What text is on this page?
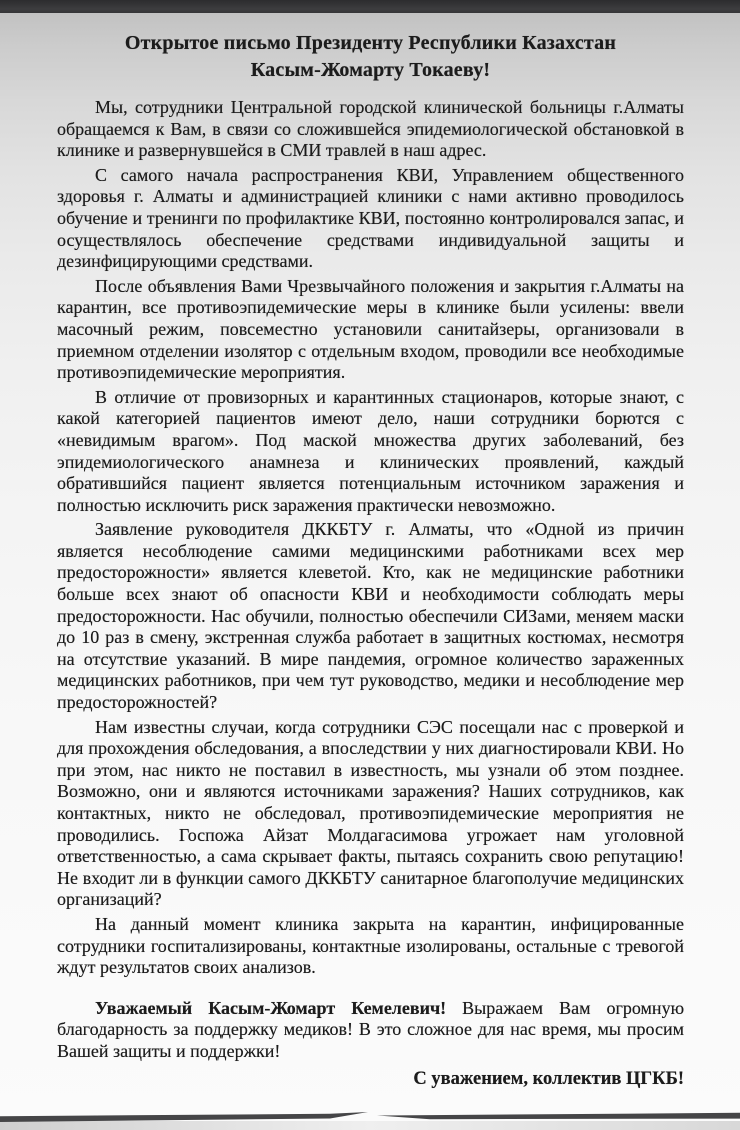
Открытое письмо Президенту Республики Казахстан
Касым-Жомарту Токаеву!

Мы, сотрудники Центральной городской клинической больницы г.Алматы обращаемся к Вам, в связи со сложившейся эпидемиологической обстановкой в клинике и развернувшейся в СМИ травлей в наш адрес.

С самого начала распространения КВИ, Управлением общественного здоровья г. Алматы и администрацией клиники с нами активно проводилось обучение и тренинги по профилактике КВИ, постоянно контролировался запас, и осуществлялось обеспечение средствами индивидуальной защиты и дезинфицирующими средствами.

После объявления Вами Чрезвычайного положения и закрытия г.Алматы на карантин, все противоэпидемические меры в клинике были усилены: ввели масочный режим, повсеместно установили санитайзеры, организовали в приемном отделении изолятор с отдельным входом, проводили все необходимые противоэпидемические мероприятия.

В отличие от провизорных и карантинных стационаров, которые знают, с какой категорией пациентов имеют дело, наши сотрудники борются с «невидимым врагом». Под маской множества других заболеваний, без эпидемиологического анамнеза и клинических проявлений, каждый обратившийся пациент является потенциальным источником заражения и полностью исключить риск заражения практически невозможно.

Заявление руководителя ДККБТУ г. Алматы, что «Одной из причин является несоблюдение самими медицинскими работниками всех мер предосторожности» является клеветой. Кто, как не медицинские работники больше всех знают об опасности КВИ и необходимости соблюдать меры предосторожности. Нас обучили, полностью обеспечили СИЗами, меняем маски до 10 раз в смену, экстренная служба работает в защитных костюмах, несмотря на отсутствие указаний. В мире пандемия, огромное количество зараженных медицинских работников, при чем тут руководство, медики и несоблюдение мер предосторожностей?

Нам известны случаи, когда сотрудники СЭС посещали нас с проверкой и для прохождения обследования, а впоследствии у них диагностировали КВИ. Но при этом, нас никто не поставил в известность, мы узнали об этом позднее. Возможно, они и являются источниками заражения? Наших сотрудников, как контактных, никто не обследовал, противоэпидемические мероприятия не проводились. Госпожа Айзат Молдагасимова угрожает нам уголовной ответственностью, а сама скрывает факты, пытаясь сохранить свою репутацию! Не входит ли в функции самого ДККБТУ санитарное благополучие медицинских организаций?

На данный момент клиника закрыта на карантин, инфицированные сотрудники госпитализированы, контактные изолированы, остальные с тревогой ждут результатов своих анализов.

Уважаемый Касым-Жомарт Кемелевич! Выражаем Вам огромную благодарность за поддержку медиков! В это сложное для нас время, мы просим Вашей защиты и поддержки!

С уважением, коллектив ЦГКБ!
